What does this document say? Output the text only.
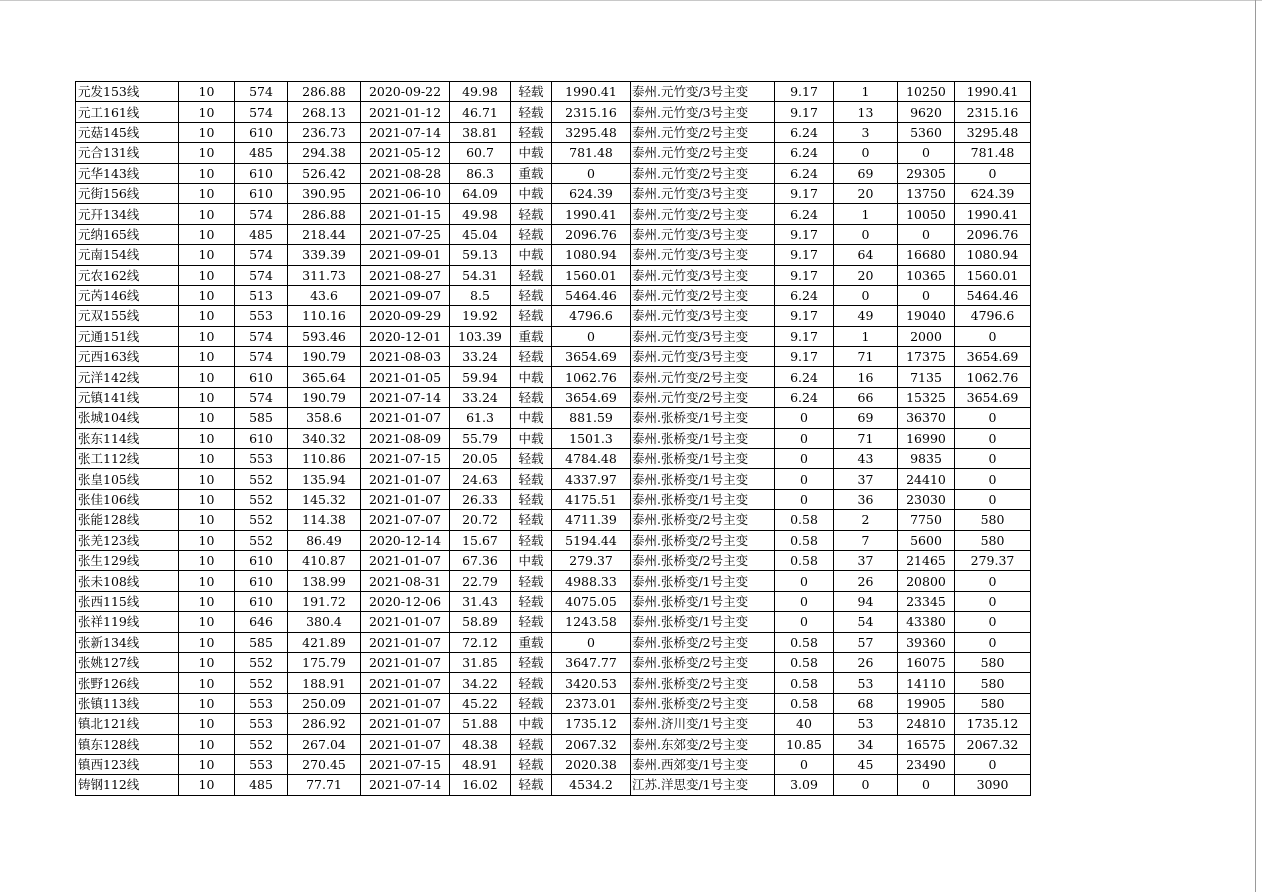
元发153线	10	574	286.88	2020-09-22	49.98	轻载	1990.41	泰州.元竹变/3号主变	9.17	1	10250	1990.41
元工161线	10	574	268.13	2021-01-12	46.71	轻载	2315.16	泰州.元竹变/3号主变	9.17	13	9620	2315.16
元菇145线	10	610	236.73	2021-07-14	38.81	轻载	3295.48	泰州.元竹变/2号主变	6.24	3	5360	3295.48
元合131线	10	485	294.38	2021-05-12	60.7	中载	781.48	泰州.元竹变/2号主变	6.24	0	0	781.48
元华143线	10	610	526.42	2021-08-28	86.3	重载	0	泰州.元竹变/2号主变	6.24	69	29305	0
元街156线	10	610	390.95	2021-06-10	64.09	中载	624.39	泰州.元竹变/3号主变	9.17	20	13750	624.39
元幵134线	10	574	286.88	2021-01-15	49.98	轻载	1990.41	泰州.元竹变/2号主变	6.24	1	10050	1990.41
元纳165线	10	485	218.44	2021-07-25	45.04	轻载	2096.76	泰州.元竹变/3号主变	9.17	0	0	2096.76
元南154线	10	574	339.39	2021-09-01	59.13	中载	1080.94	泰州.元竹变/3号主变	9.17	64	16680	1080.94
元农162线	10	574	311.73	2021-08-27	54.31	轻载	1560.01	泰州.元竹变/3号主变	9.17	20	10365	1560.01
元芮146线	10	513	43.6	2021-09-07	8.5	轻载	5464.46	泰州.元竹变/2号主变	6.24	0	0	5464.46
元双155线	10	553	110.16	2020-09-29	19.92	轻载	4796.6	泰州.元竹变/3号主变	9.17	49	19040	4796.6
元通151线	10	574	593.46	2020-12-01	103.39	重载	0	泰州.元竹变/3号主变	9.17	1	2000	0
元西163线	10	574	190.79	2021-08-03	33.24	轻载	3654.69	泰州.元竹变/3号主变	9.17	71	17375	3654.69
元洋142线	10	610	365.64	2021-01-05	59.94	中载	1062.76	泰州.元竹变/2号主变	6.24	16	7135	1062.76
元镇141线	10	574	190.79	2021-07-14	33.24	轻载	3654.69	泰州.元竹变/2号主变	6.24	66	15325	3654.69
张城104线	10	585	358.6	2021-01-07	61.3	中载	881.59	泰州.张桥变/1号主变	0	69	36370	0
张东114线	10	610	340.32	2021-08-09	55.79	中载	1501.3	泰州.张桥变/1号主变	0	71	16990	0
张工112线	10	553	110.86	2021-07-15	20.05	轻载	4784.48	泰州.张桥变/1号主变	0	43	9835	0
张皇105线	10	552	135.94	2021-01-07	24.63	轻载	4337.97	泰州.张桥变/1号主变	0	37	24410	0
张佳106线	10	552	145.32	2021-01-07	26.33	轻载	4175.51	泰州.张桥变/1号主变	0	36	23030	0
张能128线	10	552	114.38	2021-07-07	20.72	轻载	4711.39	泰州.张桥变/2号主变	0.58	2	7750	580
张羌123线	10	552	86.49	2020-12-14	15.67	轻载	5194.44	泰州.张桥变/2号主变	0.58	7	5600	580
张生129线	10	610	410.87	2021-01-07	67.36	中载	279.37	泰州.张桥变/2号主变	0.58	37	21465	279.37
张未108线	10	610	138.99	2021-08-31	22.79	轻载	4988.33	泰州.张桥变/1号主变	0	26	20800	0
张西115线	10	610	191.72	2020-12-06	31.43	轻载	4075.05	泰州.张桥变/1号主变	0	94	23345	0
张祥119线	10	646	380.4	2021-01-07	58.89	轻载	1243.58	泰州.张桥变/1号主变	0	54	43380	0
张新134线	10	585	421.89	2021-01-07	72.12	重载	0	泰州.张桥变/2号主变	0.58	57	39360	0
张姚127线	10	552	175.79	2021-01-07	31.85	轻载	3647.77	泰州.张桥变/2号主变	0.58	26	16075	580
张野126线	10	552	188.91	2021-01-07	34.22	轻载	3420.53	泰州.张桥变/2号主变	0.58	53	14110	580
张镇113线	10	553	250.09	2021-01-07	45.22	轻载	2373.01	泰州.张桥变/2号主变	0.58	68	19905	580
镇北121线	10	553	286.92	2021-01-07	51.88	中载	1735.12	泰州.济川变/1号主变	40	53	24810	1735.12
镇东128线	10	552	267.04	2021-01-07	48.38	轻载	2067.32	泰州.东郊变/2号主变	10.85	34	16575	2067.32
镇西123线	10	553	270.45	2021-07-15	48.91	轻载	2020.38	泰州.西郊变/1号主变	0	45	23490	0
铸钢112线	10	485	77.71	2021-07-14	16.02	轻载	4534.2	江苏.洋思变/1号主变	3.09	0	0	3090
